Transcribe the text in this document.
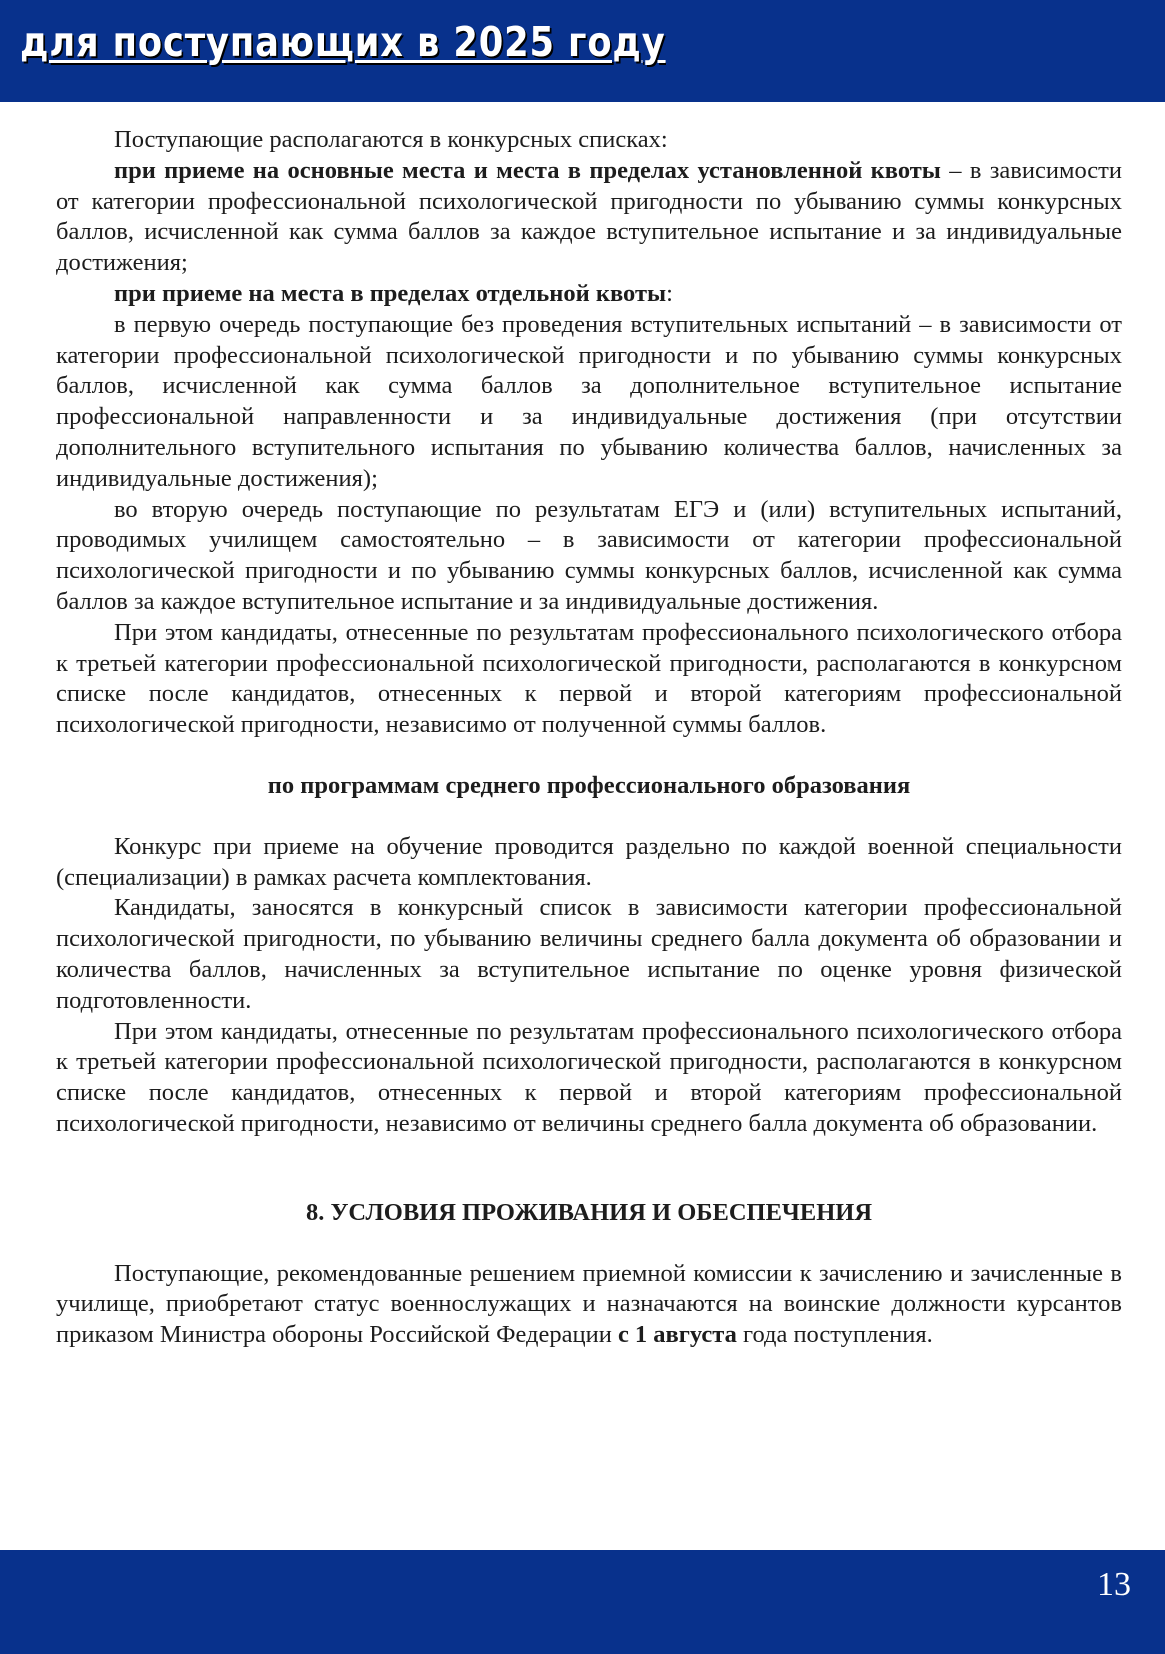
для поступающих в 2025 году

Поступающие располагаются в конкурсных списках:

при приеме на основные места и места в пределах установленной квоты – в зависимости от категории профессиональной психологической пригодности по убыванию суммы конкурсных баллов, исчисленной как сумма баллов за каждое вступительное испытание и за индивидуальные достижения;

при приеме на места в пределах отдельной квоты:

в первую очередь поступающие без проведения вступительных испытаний – в зависимости от категории профессиональной психологической пригодности и по убыванию суммы конкурсных баллов, исчисленной как сумма баллов за дополнительное вступительное испытание профессиональной направленности и за индивидуальные достижения (при отсутствии дополнительного вступительного испытания по убыванию количества баллов, начисленных за индивидуальные достижения);

во вторую очередь поступающие по результатам ЕГЭ и (или) вступительных испытаний, проводимых училищем самостоятельно – в зависимости от категории профессиональной психологической пригодности и по убыванию суммы конкурсных баллов, исчисленной как сумма баллов за каждое вступительное испытание и за индивидуальные достижения.

При этом кандидаты, отнесенные по результатам профессионального психологического отбора к третьей категории профессиональной психологической пригодности, располагаются в конкурсном списке после кандидатов, отнесенных к первой и второй категориям профессиональной психологической пригодности, независимо от полученной суммы баллов.

по программам среднего профессионального образования

Конкурс при приеме на обучение проводится раздельно по каждой военной специальности (специализации) в рамках расчета комплектования.

Кандидаты, заносятся в конкурсный список в зависимости категории профессиональной психологической пригодности, по убыванию величины среднего балла документа об образовании и количества баллов, начисленных за вступительное испытание по оценке уровня физической подготовленности.

При этом кандидаты, отнесенные по результатам профессионального психологического отбора к третьей категории профессиональной психологической пригодности, располагаются в конкурсном списке после кандидатов, отнесенных к первой и второй категориям профессиональной психологической пригодности, независимо от величины среднего балла документа об образовании.

8. УСЛОВИЯ ПРОЖИВАНИЯ И ОБЕСПЕЧЕНИЯ

Поступающие, рекомендованные решением приемной комиссии к зачислению и зачисленные в училище, приобретают статус военнослужащих и назначаются на воинские должности курсантов приказом Министра обороны Российской Федерации с 1 августа года поступления.

13
